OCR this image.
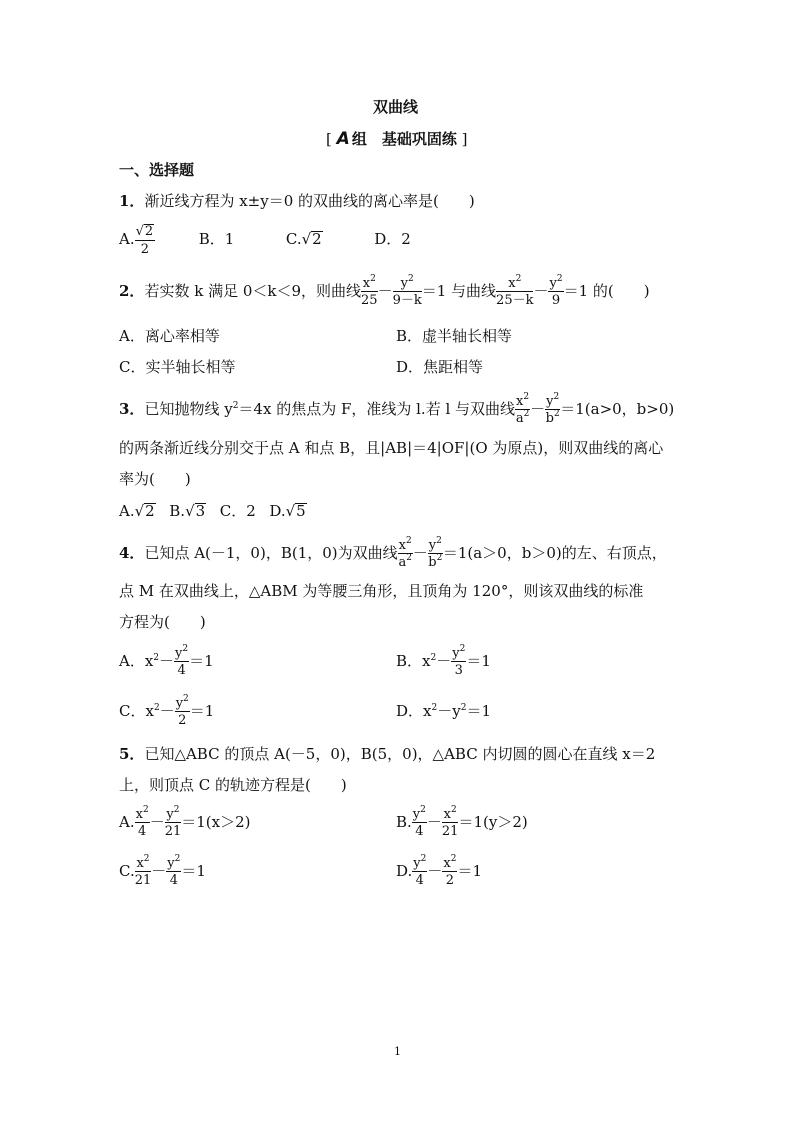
双曲线
[ A 组　基础巩固练 ]
一、选择题
1．渐近线方程为 x±y＝0 的双曲线的离心率是(　　)
A. $\frac{√2}{2}$	B．1	C.√2	D．2
2．若实数 k 满足 0＜k＜9，则曲线 $\frac{x^2}{25} - \frac{y^2}{9-k} =1$ 与曲线 $\frac{x^2}{25-k} - \frac{y^2}{9} =1$ 的(　　)
A．离心率相等	B．虚半轴长相等
C．实半轴长相等	D．焦距相等
3．已知抛物线 $y^2=4x$ 的焦点为 F，准线为 l.若 l 与双曲线 $\frac{x^2}{a^2} - \frac{y^2}{b^2} =1(a>0$，b>0)
的两条渐近线分别交于点 A 和点 B，且|AB|＝4|OF|(O 为原点)，则双曲线的离心
率为(　　)
A.√2 B.√3 C．2 D.√5
4．已知点 A(－1，0)，B(1，0)为双曲线 $\frac{x^2}{a^2} - \frac{y^2}{b^2} =1(a>0$，b＞0)的左、右顶点，
点 M 在双曲线上，△ABM 为等腰三角形，且顶角为 120°，则该双曲线的标准
方程为(　　)
A．$x^2- \frac{y^2}{4} =1$	B．$x^2- \frac{y^2}{3} =1$
C．$x^2- \frac{y^2}{2} =1$	D．$x^2-y^2=1$
5．已知△ABC 的顶点 A(－5，0)，B(5，0)，△ABC 内切圆的圆心在直线 x＝2
上，则顶点 C 的轨迹方程是(　　)
A. $\frac{x^2}{4} - \frac{y^2}{21} =1(x>2)$	B. $\frac{y^2}{4} - \frac{x^2}{21} =1(y>2)$
C. $\frac{x^2}{21} - \frac{y^2}{4} =1$	D. $\frac{y^2}{4} - \frac{x^2}{2} =1$
1
